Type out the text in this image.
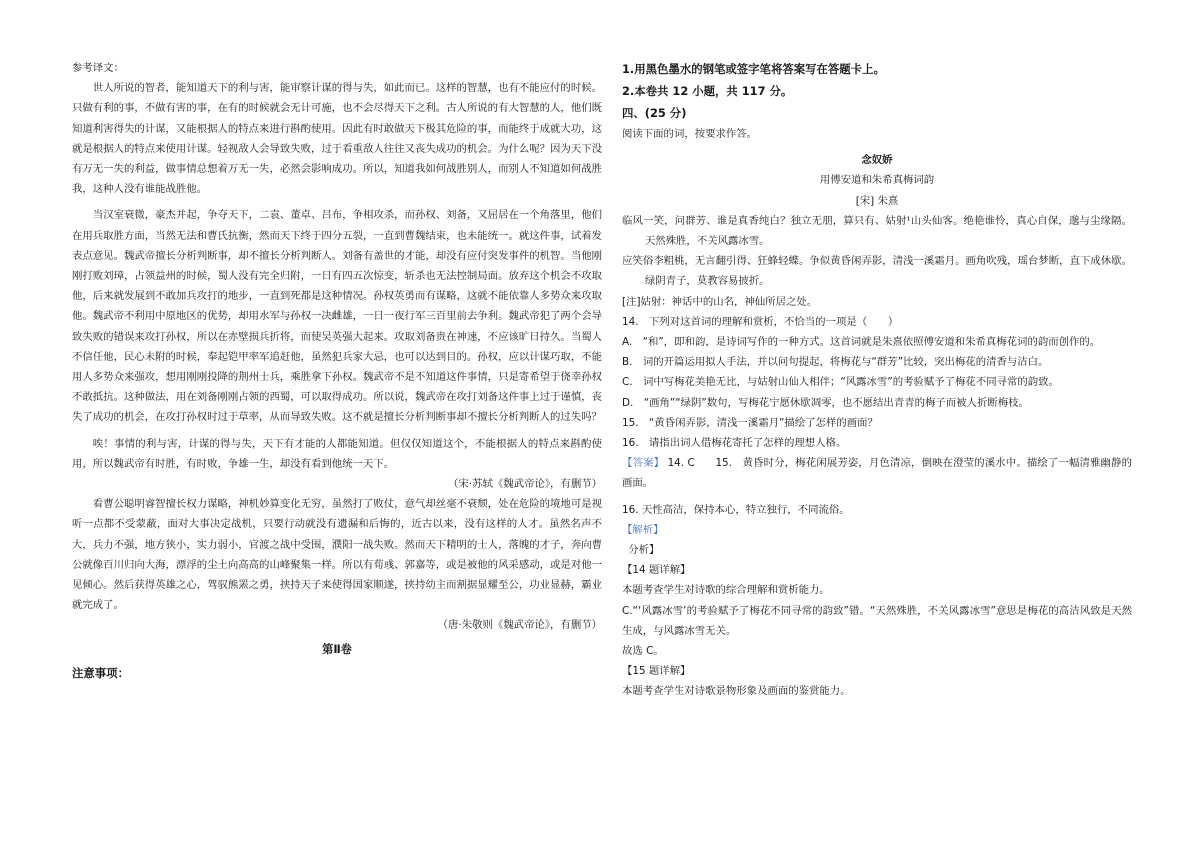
参考译文：

世人所说的智者，能知道天下的利与害，能审察计谋的得与失，如此而已。这样的智慧，也有不能应付的时候。只做有利的事，不做有害的事，在有的时候就会无计可施，也不会尽得天下之利。古人所说的有大智慧的人，他们既知道利害得失的计谋，又能根据人的特点来进行斟酌使用。因此有时敢做天下极其危险的事，而能终于成就大功，这就是根据人的特点来使用计谋。轻视敌人会导致失败，过于看重敌人往往又丧失成功的机会。为什么呢？因为天下没有万无一失的利益，做事情总想着万无一失，必然会影响成功。所以，知道我如何战胜别人，而别人不知道如何战胜我，这种人没有谁能战胜他。

当汉室衰微，豪杰并起，争夺天下，二袁、董卓、吕布，争相攻杀，而孙权、刘备，又屈居在一个角落里，他们在用兵取胜方面，当然无法和曹氏抗衡，然而天下终于四分五裂，一直到曹魏结束，也未能统一。就这件事，试着发表点意见。魏武帝擅长分析判断事，却不擅长分析判断人。刘备有盖世的才能，却没有应付突发事件的机智。当他刚刚打败刘璋，占领益州的时候，蜀人没有完全归附，一日有四五次惊变，斩杀也无法控制局面。放弃这个机会不攻取他，后来就发展到不敢加兵攻打的地步，一直到死都是这种情况。孙权英勇而有谋略，这就不能依靠人多势众来攻取他。魏武帝不利用中原地区的优势，却用水军与孙权一决雌雄，一日一夜行军三百里前去争利。魏武帝犯了两个会导致失败的错误来攻打孙权，所以在赤壁损兵折将，而使吴英强大起来。攻取刘备贵在神速，不应该旷日持久。当蜀人不信任他，民心未附的时候，奉起铠甲率军追赶他，虽然犯兵家大忌，也可以达到目的。孙权，应以计谋巧取，不能用人多势众来强攻，想用刚刚投降的荆州士兵，乘胜拿下孙权。魏武帝不是不知道这件事情，只是寄希望于侥幸孙权不敢抵抗。这种做法，用在刘备刚刚占领的西蜀，可以取得成功。所以说，魏武帝在攻打刘备这件事上过于谨慎，丧失了成功的机会，在攻打孙权时过于草率，从而导致失败。这不就是擅长分析判断事却不擅长分析判断人的过失吗？

唉！事情的利与害，计谋的得与失，天下有才能的人都能知道。但仅仅知道这个，不能根据人的特点来斟酌使用，所以魏武帝有时胜，有时败，争雄一生，却没有看到他统一天下。

（宋·苏轼《魏武帝论》，有删节）

看曹公聪明睿智擅长权力谋略，神机妙算变化无穷，虽然打了败仗，意气却丝毫不衰颓，处在危险的境地可是视听一点都不受蒙蔽，面对大事决定战机，只要行动就没有遗漏和后悔的，近古以来，没有这样的人才。虽然名声不大，兵力不强，地方狭小，实力弱小，官渡之战中受围，濮阳一战失败。然而天下精明的士人，落魄的才子，奔向曹公就像百川归向大海，漂浮的尘土向高高的山峰聚集一样。所以有荀彧、郭嘉等，或是被他的风采感动，或是对他一见倾心。然后获得英雄之心，驾驭熊罴之勇，挟持天子来使得国家顺遂，挟持幼主而割据显耀至公，功业显赫，霸业就完成了。

（唐·朱敬则《魏武帝论》，有删节）

第Ⅱ卷

注意事项：

1.用黑色墨水的钢笔或签字笔将答案写在答题卡上。

2.本卷共 12 小题，共 117 分。

四、(25 分)

阅读下面的词，按要求作答。

念奴娇

用傅安道和朱希真梅词韵

[宋] 朱熹

临风一笑，问群芳、谁是真香纯白？独立无朋，算只有、姑射¹山头仙客。绝艳谁怜，真心自保，邈与尘缘隔。天然殊胜，不关风露冰雪。

应笑俗李粗桃，无言翻引得、狂蜂轻蝶。争似黄昏闲弄影，清浅一溪霜月。画角吹残，瑶台梦断，直下成休歇。绿阴青子，莫教容易披折。

[注]姑射：神话中的山名，神仙所居之处。

14.　下列对这首词的理解和赏析，不恰当的一项是（　　）

A.　“和”，即和韵，是诗词写作的一种方式。这首词就是朱熹依照傅安道和朱希真梅花词的韵而创作的。

B.　词的开篇运用拟人手法，并以问句提起，将梅花与“群芳”比较，突出梅花的清香与洁白。

C.　词中写梅花美艳无比，与姑射山仙人相伴；“风露冰雪”的考验赋予了梅花不同寻常的韵致。

D.　“画角”“绿阴”数句，写梅花宁愿休歇凋零，也不愿结出青青的梅子而被人折断梅枝。

15.　“黄昏闲弄影，清浅一溪霜月”描绘了怎样的画面？

16.　请指出词人借梅花寄托了怎样的理想人格。

【答案】 14. C 15.　黄昏时分，梅花闲展芳姿，月色清凉，倒映在澄莹的溪水中。描绘了一幅清雅幽静的画面。

16. 天性高洁，保持本心，特立独行，不同流俗。

【解析】

分析】

【14 题详解】

本题考查学生对诗歌的综合理解和赏析能力。

C.“‘风露冰雪’的考验赋予了梅花不同寻常的韵致”错。“天然殊胜，不关风露冰雪”意思是梅花的高洁风致是天然生成，与风露冰雪无关。

故选 C。

【15 题详解】

本题考查学生对诗歌景物形象及画面的鉴赏能力。
